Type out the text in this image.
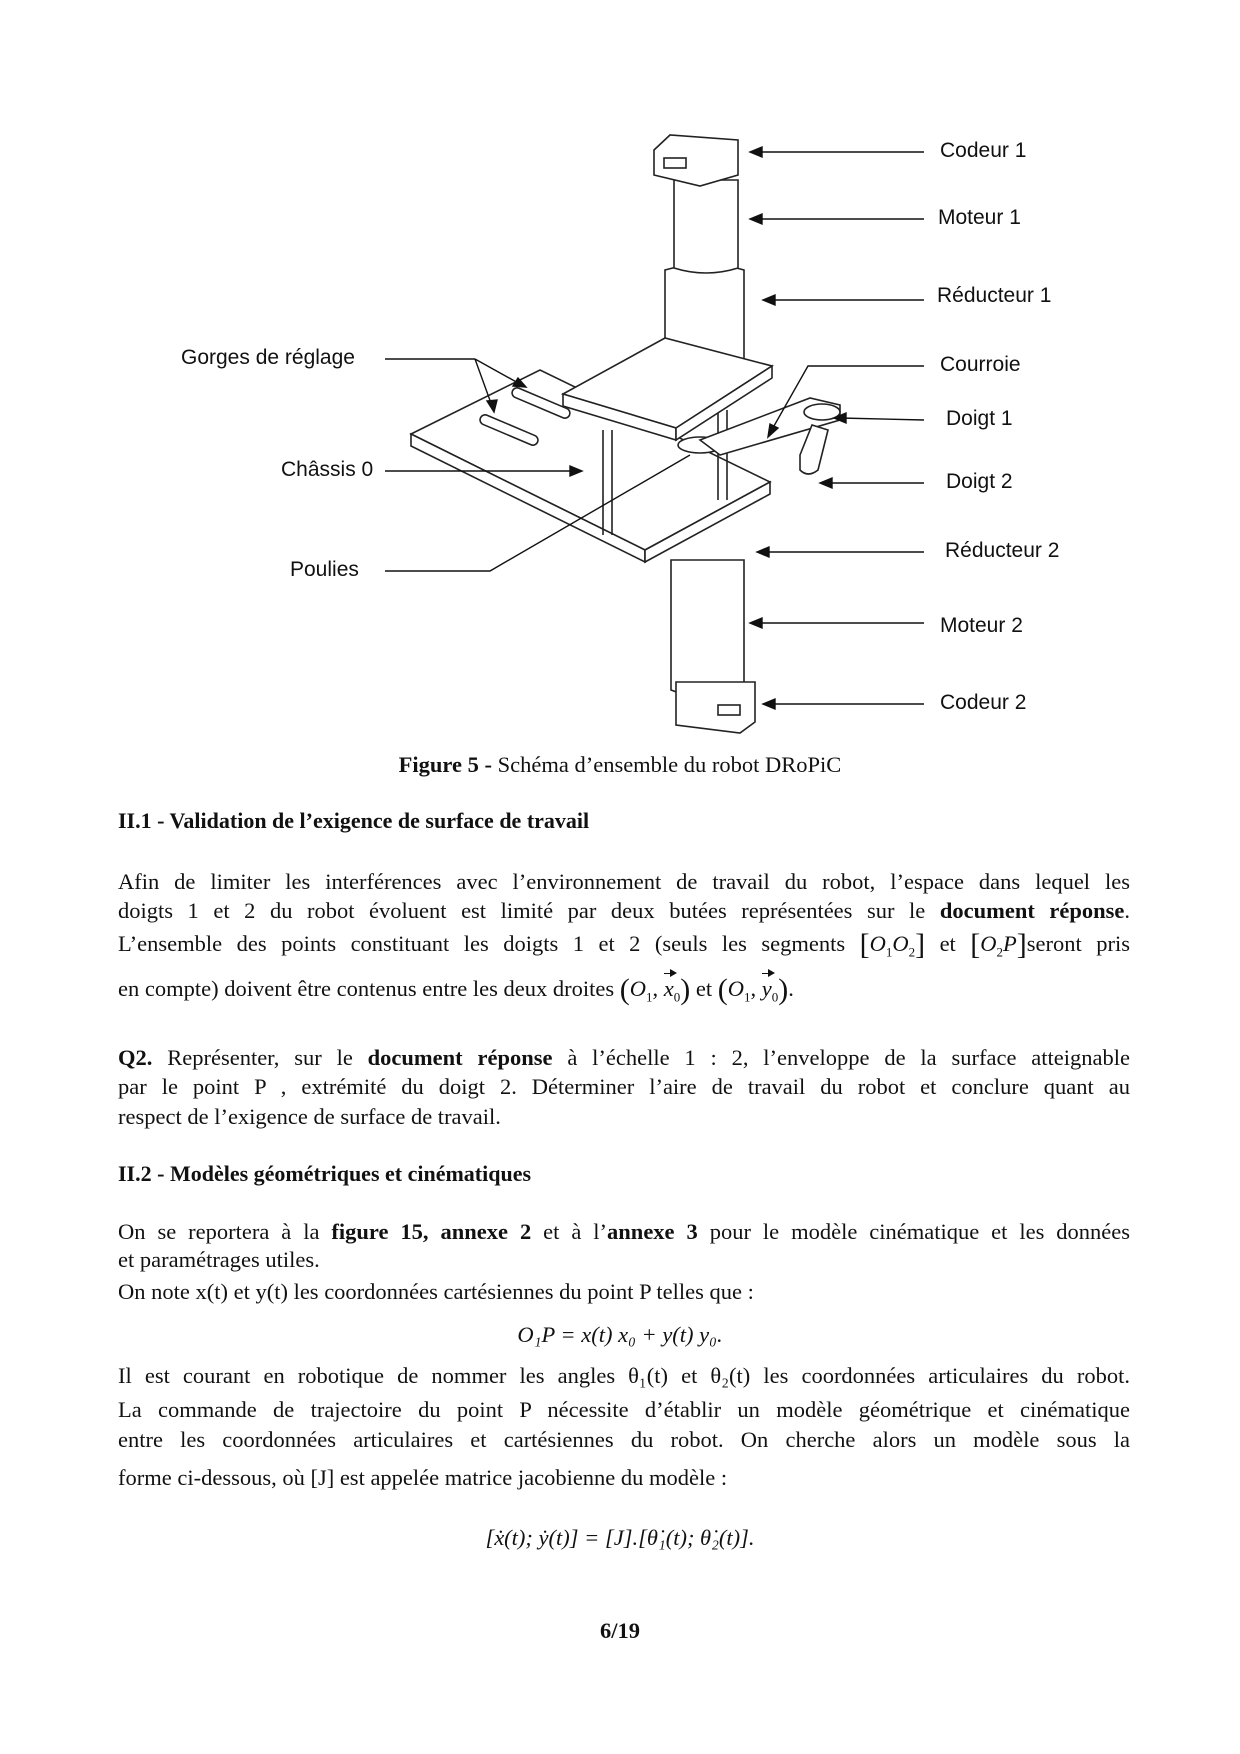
Codeur 1
Moteur 1
Réducteur 1
Courroie
Doigt 1
Doigt 2
Réducteur 2
Moteur 2
Codeur 2
Gorges de réglage
Châssis 0
Poulies
Figure 5 - Schéma d’ensemble du robot DRoPiC
II.1 - Validation de l’exigence de surface de travail
Afin de limiter les interférences avec l’environnement de travail du robot, l’espace dans lequel les
doigts 1 et 2 du robot évoluent est limité par deux butées représentées sur le document réponse.
L’ensemble des points constituant les doigts 1 et 2 (seuls les segments $[O_1O_2]$ et $[O_2P]seront$ pris
en compte) doivent être contenus entre les deux droites ($O_1$, $x_0$) et ($O_1$, $y_0$).
Q2. Représenter, sur le document réponse à l’échelle 1 : 2, l’enveloppe de la surface atteignable
par le point P , extrémité du doigt 2. Déterminer l’aire de travail du robot et conclure quant au
respect de l’exigence de surface de travail.
II.2 - Modèles géométriques et cinématiques
On se reportera à la figure 15, annexe 2 et à l’annexe 3 pour le modèle cinématique et les données
et paramétrages utiles.
On note x(t) et y(t) les coordonnées cartésiennes du point P telles que :
O₁P = x(t) x₀ + y(t) y₀.
Il est courant en robotique de nommer les angles θ₁(t) et θ₂(t) les coordonnées articulaires du robot.
La commande de trajectoire du point P nécessite d’établir un modèle géométrique et cinématique
entre les coordonnées articulaires et cartésiennes du robot. On cherche alors un modèle sous la
forme ci-dessous, où [J] est appelée matrice jacobienne du modèle :
[ẋ(t); ẏ(t)] = [J].[θ̇₁(t); θ̇₂(t)].
6/19
